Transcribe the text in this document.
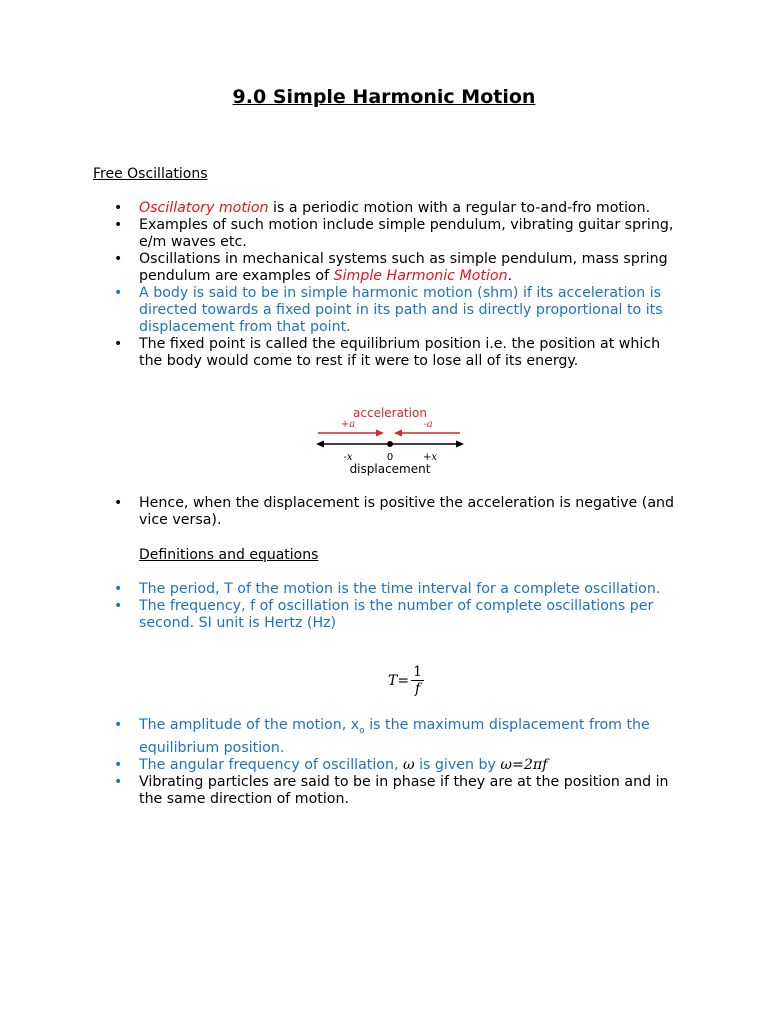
9.0 Simple Harmonic Motion
Free Oscillations
• Oscillatory motion is a periodic motion with a regular to-and-fro motion.
• Examples of such motion include simple pendulum, vibrating guitar spring, e/m waves etc.
• Oscillations in mechanical systems such as simple pendulum, mass spring pendulum are examples of Simple Harmonic Motion.
• A body is said to be in simple harmonic motion (shm) if its acceleration is directed towards a fixed point in its path and is directly proportional to its displacement from that point.
• The fixed point is called the equilibrium position i.e. the position at which the body would come to rest if it were to lose all of its energy.
acceleration
+a	-a
-x	0	+x
displacement
• Hence, when the displacement is positive the acceleration is negative (and vice versa).
Definitions and equations
• The period, T of the motion is the time interval for a complete oscillation.
• The frequency, f of oscillation is the number of complete oscillations per second. SI unit is Hertz (Hz)
$T = \frac{1}{f}$
• The amplitude of the motion, $x_o$ is the maximum displacement from the equilibrium position.
• The angular frequency of oscillation, ω is given by ω=2πf
• Vibrating particles are said to be in phase if they are at the position and in the same direction of motion.
